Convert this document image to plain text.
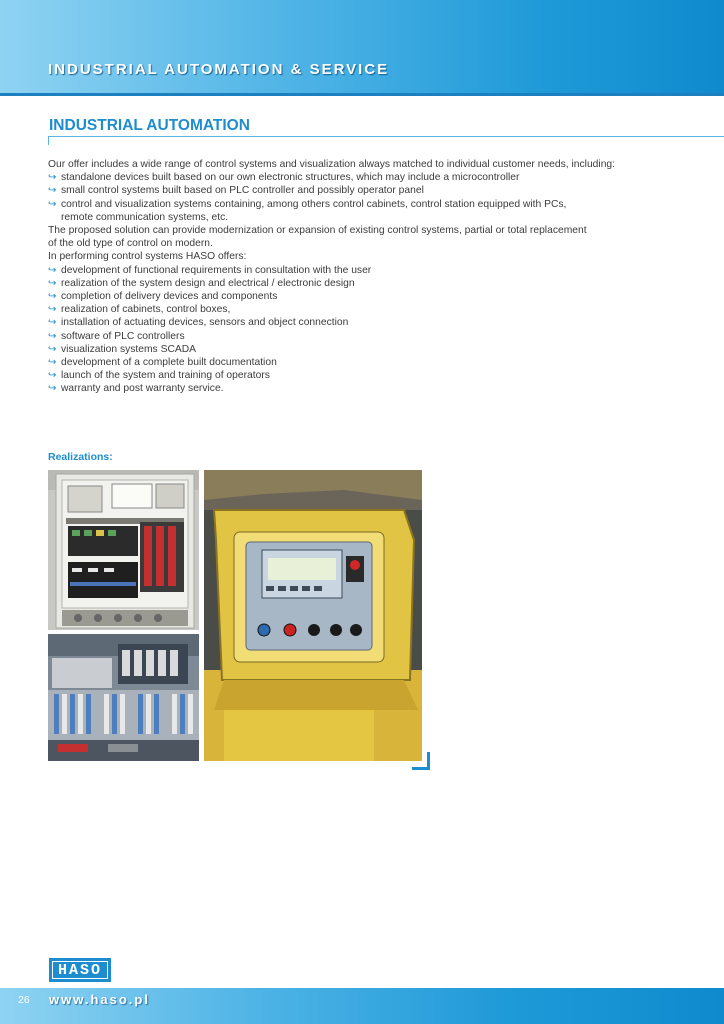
INDUSTRIAL AUTOMATION & SERVICE
INDUSTRIAL AUTOMATION

Our offer includes a wide range of control systems and visualization always matched to individual customer needs, including:

↪ standalone devices built based on our own electronic structures, which may include a microcontroller
↪ small control systems built based on PLC controller and possibly operator panel
↪ control and visualization systems containing, among others control cabinets, control station equipped with PCs,

remote communication systems, etc.

The proposed solution can provide modernization or expansion of existing control systems, partial or total replacement

of the old type of control on modern.

In performing control systems HASO offers:

↪ development of functional requirements in consultation with the user
↪ realization of the system design and electrical / electronic design
↪ completion of delivery devices and components
↪ realization of cabinets, control boxes,
↪ installation of actuating devices, sensors and object connection
↪ software of PLC controllers
↪ visualization systems SCADA
↪ development of a complete built documentation
↪ launch of the system and training of operators
↪ warranty and post warranty service.
Realizations:
HASO
26 www.haso.pl
